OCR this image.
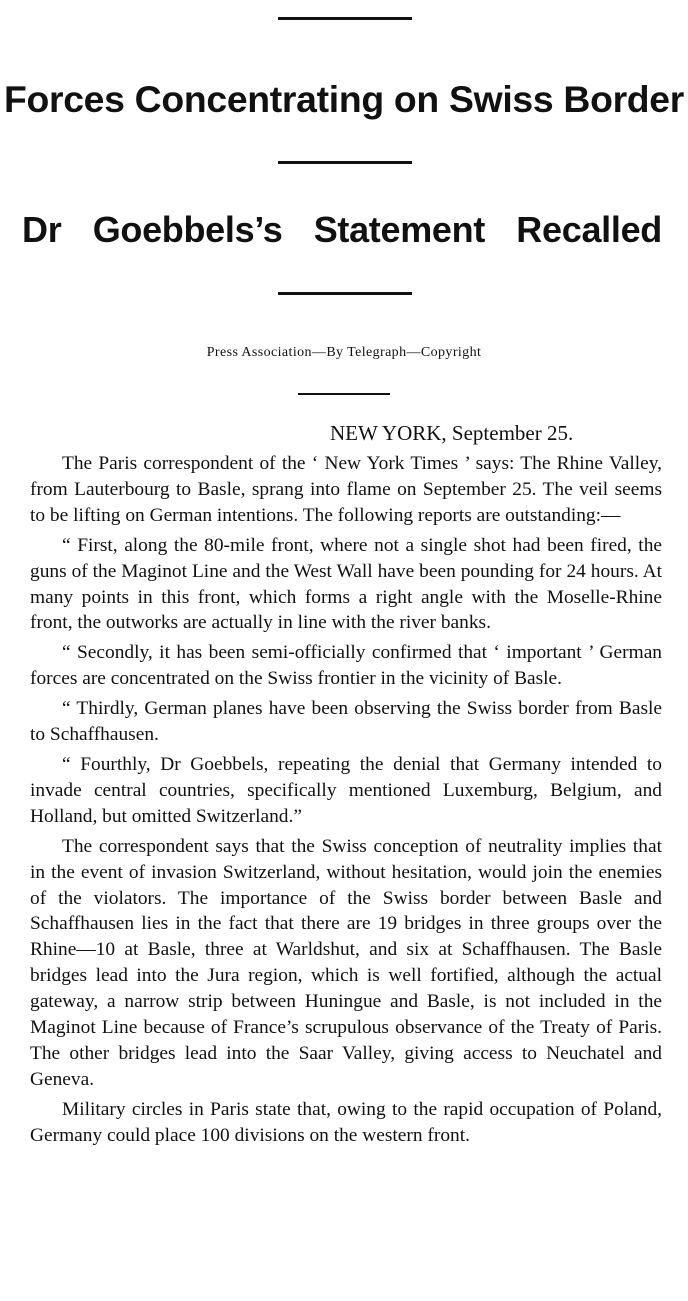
Forces Concentrating on Swiss Border
Dr Goebbels’s Statement Recalled
Press Association—By Telegraph—Copyright
NEW YORK, September 25.

The Paris correspondent of the ‘ New York Times ’ says: The Rhine Valley, from Lauterbourg to Basle, sprang into flame on September 25. The veil seems to be lifting on German intentions. The following reports are outstanding:—

“ First, along the 80-mile front, where not a single shot had been fired, the guns of the Maginot Line and the West Wall have been pounding for 24 hours. At many points in this front, which forms a right angle with the Moselle-Rhine front, the outworks are actually in line with the river banks.

“ Secondly, it has been semi-officially confirmed that ‘ important ’ German forces are concentrated on the Swiss frontier in the vicinity of Basle.

“ Thirdly, German planes have been observing the Swiss border from Basle to Schaffhausen.

“ Fourthly, Dr Goebbels, repeating the denial that Germany intended to invade central countries, specifically mentioned Luxemburg, Belgium, and Holland, but omitted Switzerland.”

The correspondent says that the Swiss conception of neutrality implies that in the event of invasion Switzerland, without hesitation, would join the enemies of the violators. The importance of the Swiss border between Basle and Schaffhausen lies in the fact that there are 19 bridges in three groups over the Rhine—10 at Basle, three at Warldshut, and six at Schaffhausen. The Basle bridges lead into the Jura region, which is well fortified, although the actual gateway, a narrow strip between Huningue and Basle, is not included in the Maginot Line because of France’s scrupulous observance of the Treaty of Paris. The other bridges lead into the Saar Valley, giving access to Neuchatel and Geneva.

Military circles in Paris state that, owing to the rapid occupation of Poland, Germany could place 100 divisions on the western front.
